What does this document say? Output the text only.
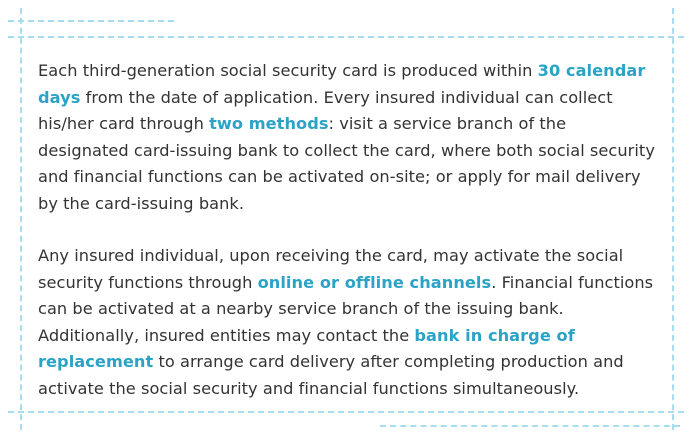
Each third-generation social security card is produced within 30 calendar days from the date of application. Every insured individual can collect his/her card through two methods: visit a service branch of the designated card-issuing bank to collect the card, where both social security and financial functions can be activated on-site; or apply for mail delivery by the card-issuing bank.

Any insured individual, upon receiving the card, may activate the social security functions through online or offline channels. Financial functions can be activated at a nearby service branch of the issuing bank. Additionally, insured entities may contact the bank in charge of replacement to arrange card delivery after completing production and activate the social security and financial functions simultaneously.
